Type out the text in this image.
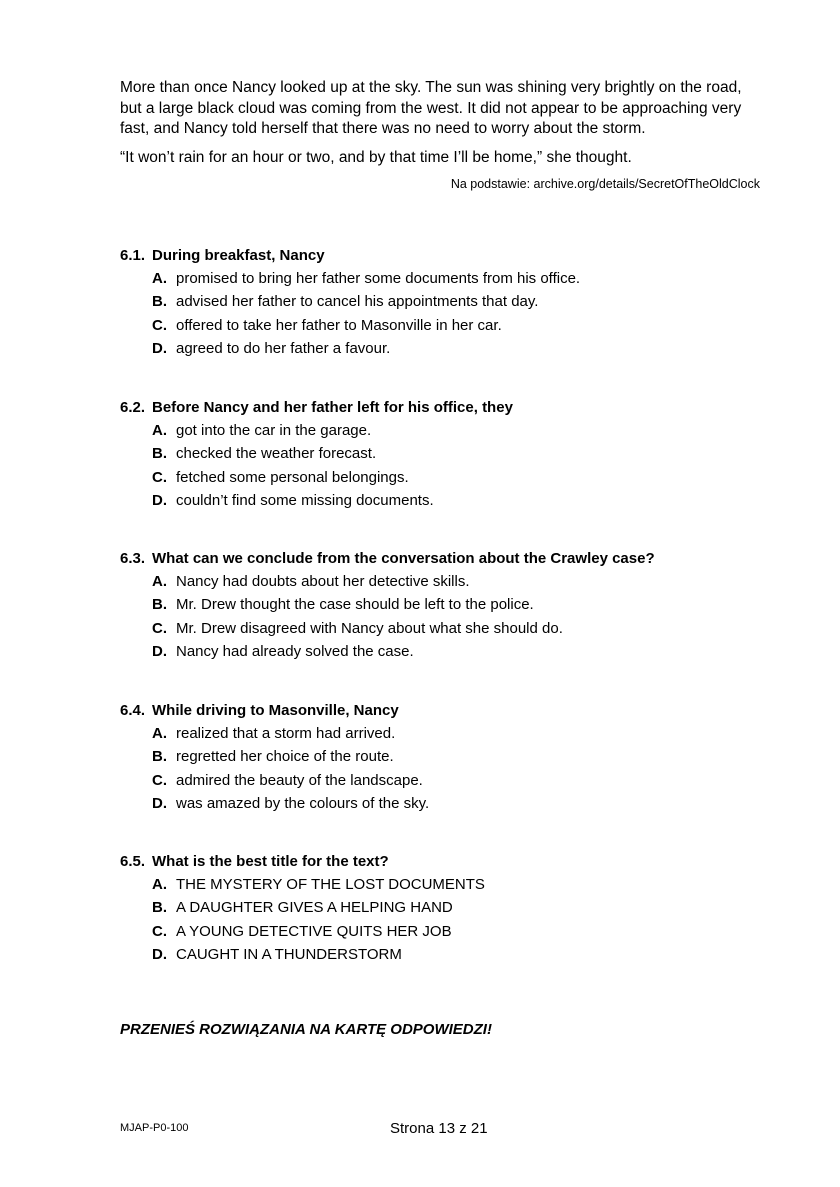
More than once Nancy looked up at the sky. The sun was shining very brightly on the road, but a large black cloud was coming from the west. It did not appear to be approaching very fast, and Nancy told herself that there was no need to worry about the storm.

“It won’t rain for an hour or two, and by that time I’ll be home,” she thought.

Na podstawie: archive.org/details/SecretOfTheOldClock
6.1. During breakfast, Nancy
A. promised to bring her father some documents from his office.
B. advised her father to cancel his appointments that day.
C. offered to take her father to Masonville in her car.
D. agreed to do her father a favour.
6.2. Before Nancy and her father left for his office, they
A. got into the car in the garage.
B. checked the weather forecast.
C. fetched some personal belongings.
D. couldn’t find some missing documents.
6.3. What can we conclude from the conversation about the Crawley case?
A. Nancy had doubts about her detective skills.
B. Mr. Drew thought the case should be left to the police.
C. Mr. Drew disagreed with Nancy about what she should do.
D. Nancy had already solved the case.
6.4. While driving to Masonville, Nancy
A. realized that a storm had arrived.
B. regretted her choice of the route.
C. admired the beauty of the landscape.
D. was amazed by the colours of the sky.
6.5. What is the best title for the text?
A. THE MYSTERY OF THE LOST DOCUMENTS
B. A DAUGHTER GIVES A HELPING HAND
C. A YOUNG DETECTIVE QUITS HER JOB
D. CAUGHT IN A THUNDERSTORM
PRZENIEŚ ROZWIĄZANIA NA KARTĘ ODPOWIEDZI!
MJAP-P0-100	Strona 13 z 21
